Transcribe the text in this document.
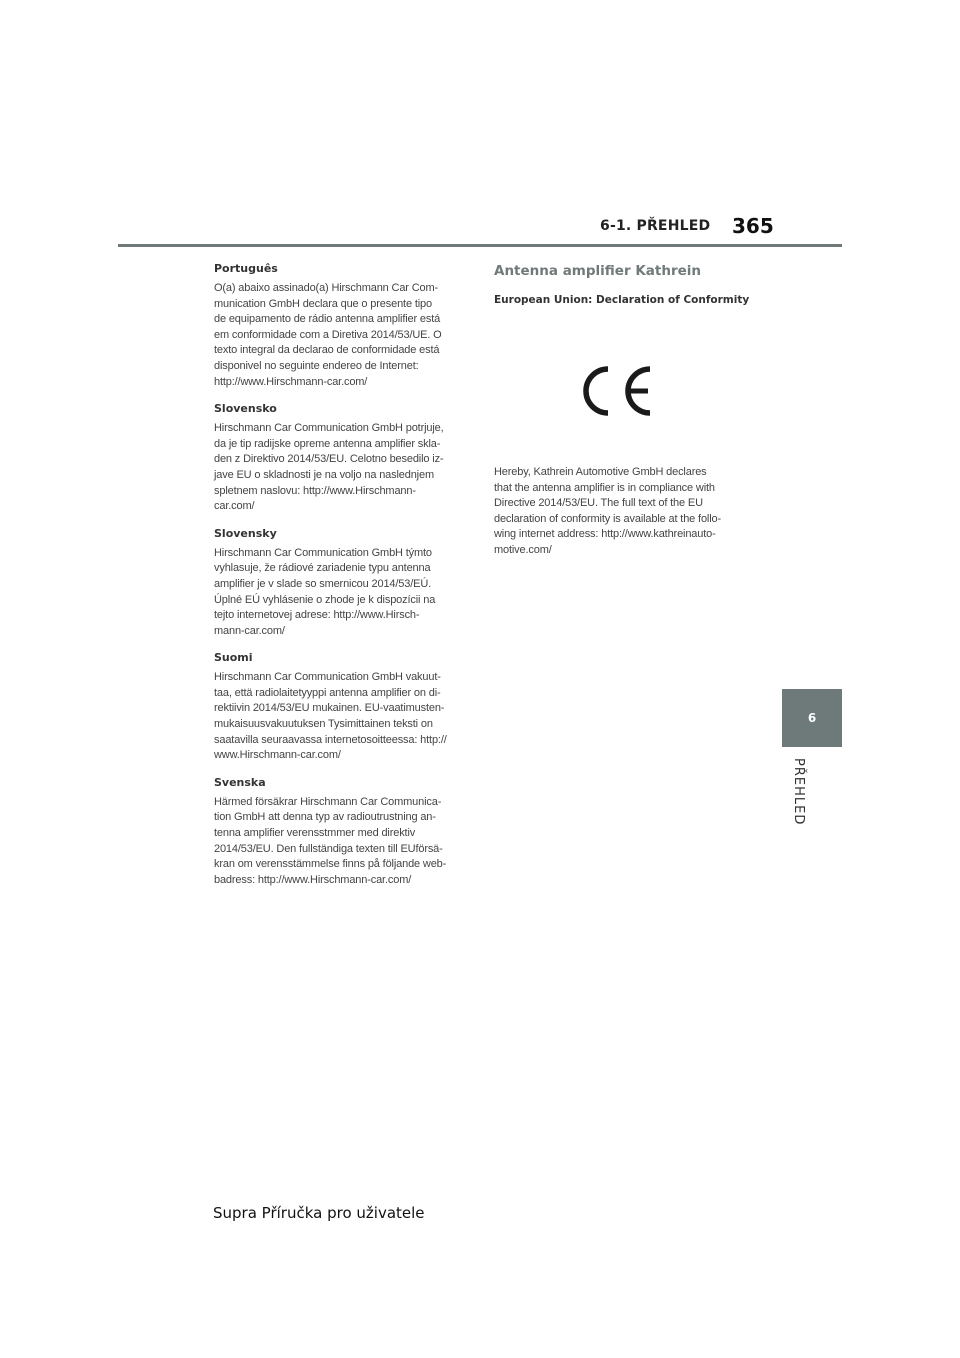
6-1. PŘEHLED 365
Português
O(a) abaixo assinado(a) Hirschmann Car Com-
munication GmbH declara que o presente tipo
de equipamento de rádio antenna amplifier está
em conformidade com a Diretiva 2014/53/UE. O
texto integral da declarao de conformidade está
disponivel no seguinte endereo de Internet:
http://www.Hirschmann-car.com/
Slovensko
Hirschmann Car Communication GmbH potrjuje,
da je tip radijske opreme antenna amplifier skla-
den z Direktivo 2014/53/EU. Celotno besedilo iz-
jave EU o skladnosti je na voljo na naslednjem
spletnem naslovu: http://www.Hirschmann-
car.com/
Slovensky
Hirschmann Car Communication GmbH týmto
vyhlasuje, že rádiové zariadenie typu antenna
amplifier je v slade so smernicou 2014/53/EÚ.
Úplné EÚ vyhlásenie o zhode je k dispozícii na
tejto internetovej adrese: http://www.Hirsch-
mann-car.com/
Suomi
Hirschmann Car Communication GmbH vakuut-
taa, että radiolaitetyyppi antenna amplifier on di-
rektiivin 2014/53/EU mukainen. EU-vaatimusten-
mukaisuusvakuutuksen Tysimittainen teksti on
saatavilla seuraavassa internetosoitteessa: http://
www.Hirschmann-car.com/
Svenska
Härmed försäkrar Hirschmann Car Communica-
tion GmbH att denna typ av radioutrustning an-
tenna amplifier verensstmmer med direktiv
2014/53/EU. Den fullständiga texten till EUförsä-
kran om verensstämmelse finns på följande web-
badress: http://www.Hirschmann-car.com/
Antenna amplifier Kathrein
European Union: Declaration of Conformity
Hereby, Kathrein Automotive GmbH declares
that the antenna amplifier is in compliance with
Directive 2014/53/EU. The full text of the EU
declaration of conformity is available at the follo-
wing internet address: http://www.kathreinauto-
motive.com/
6
PŘEHLED
Supra Příručka pro uživatele
